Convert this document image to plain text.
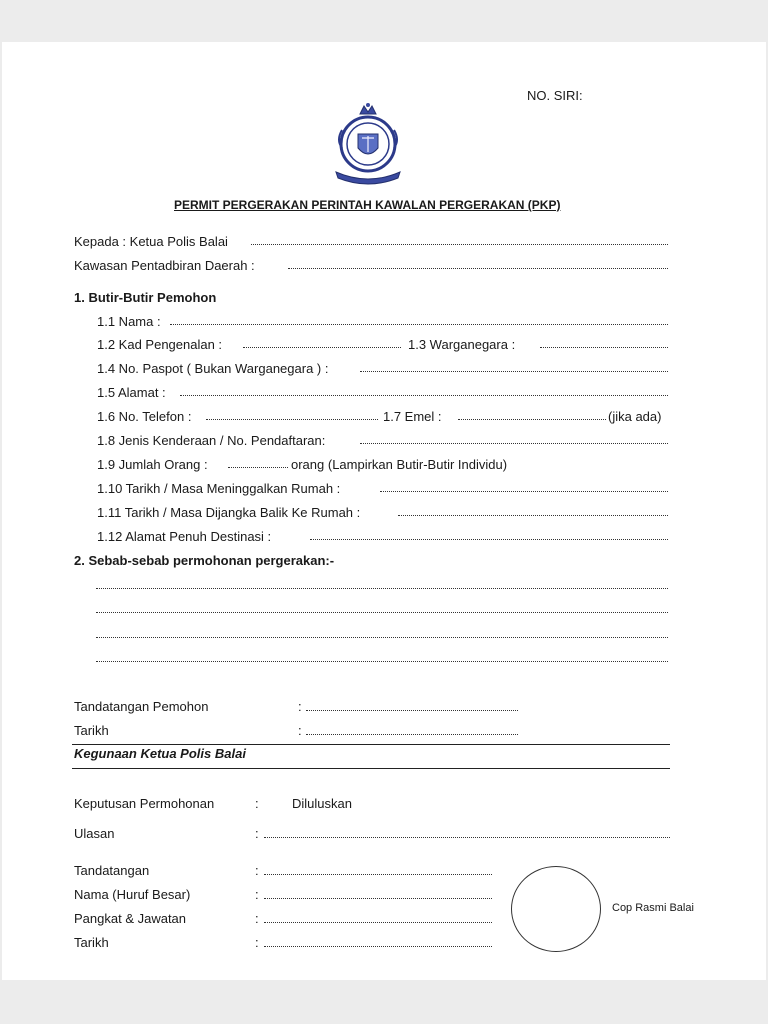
NO. SIRI:
PERMIT PERGERAKAN PERINTAH KAWALAN PERGERAKAN (PKP)
Kepada : Ketua Polis Balai
Kawasan Pentadbiran Daerah :
1. Butir-Butir Pemohon
1.1 Nama :
1.2 Kad Pengenalan :	1.3 Warganegara :
1.4 No. Paspot ( Bukan Warganegara ) :
1.5 Alamat :
1.6 No. Telefon :	1.7 Emel :	(jika ada)
1.8 Jenis Kenderaan / No. Pendaftaran:
1.9 Jumlah Orang :	orang (Lampirkan Butir-Butir Individu)
1.10 Tarikh / Masa Meninggalkan Rumah :
1.11 Tarikh / Masa Dijangka Balik Ke Rumah :
1.12 Alamat Penuh Destinasi :
2. Sebab-sebab permohonan pergerakan:-
Tandatangan Pemohon	:
Tarikh	:
Kegunaan Ketua Polis Balai
Keputusan Permohonan	:	Diluluskan
Ulasan	:
Tandatangan	:
Nama (Huruf Besar)	:
Pangkat & Jawatan	:
Tarikh	:
Cop Rasmi Balai
